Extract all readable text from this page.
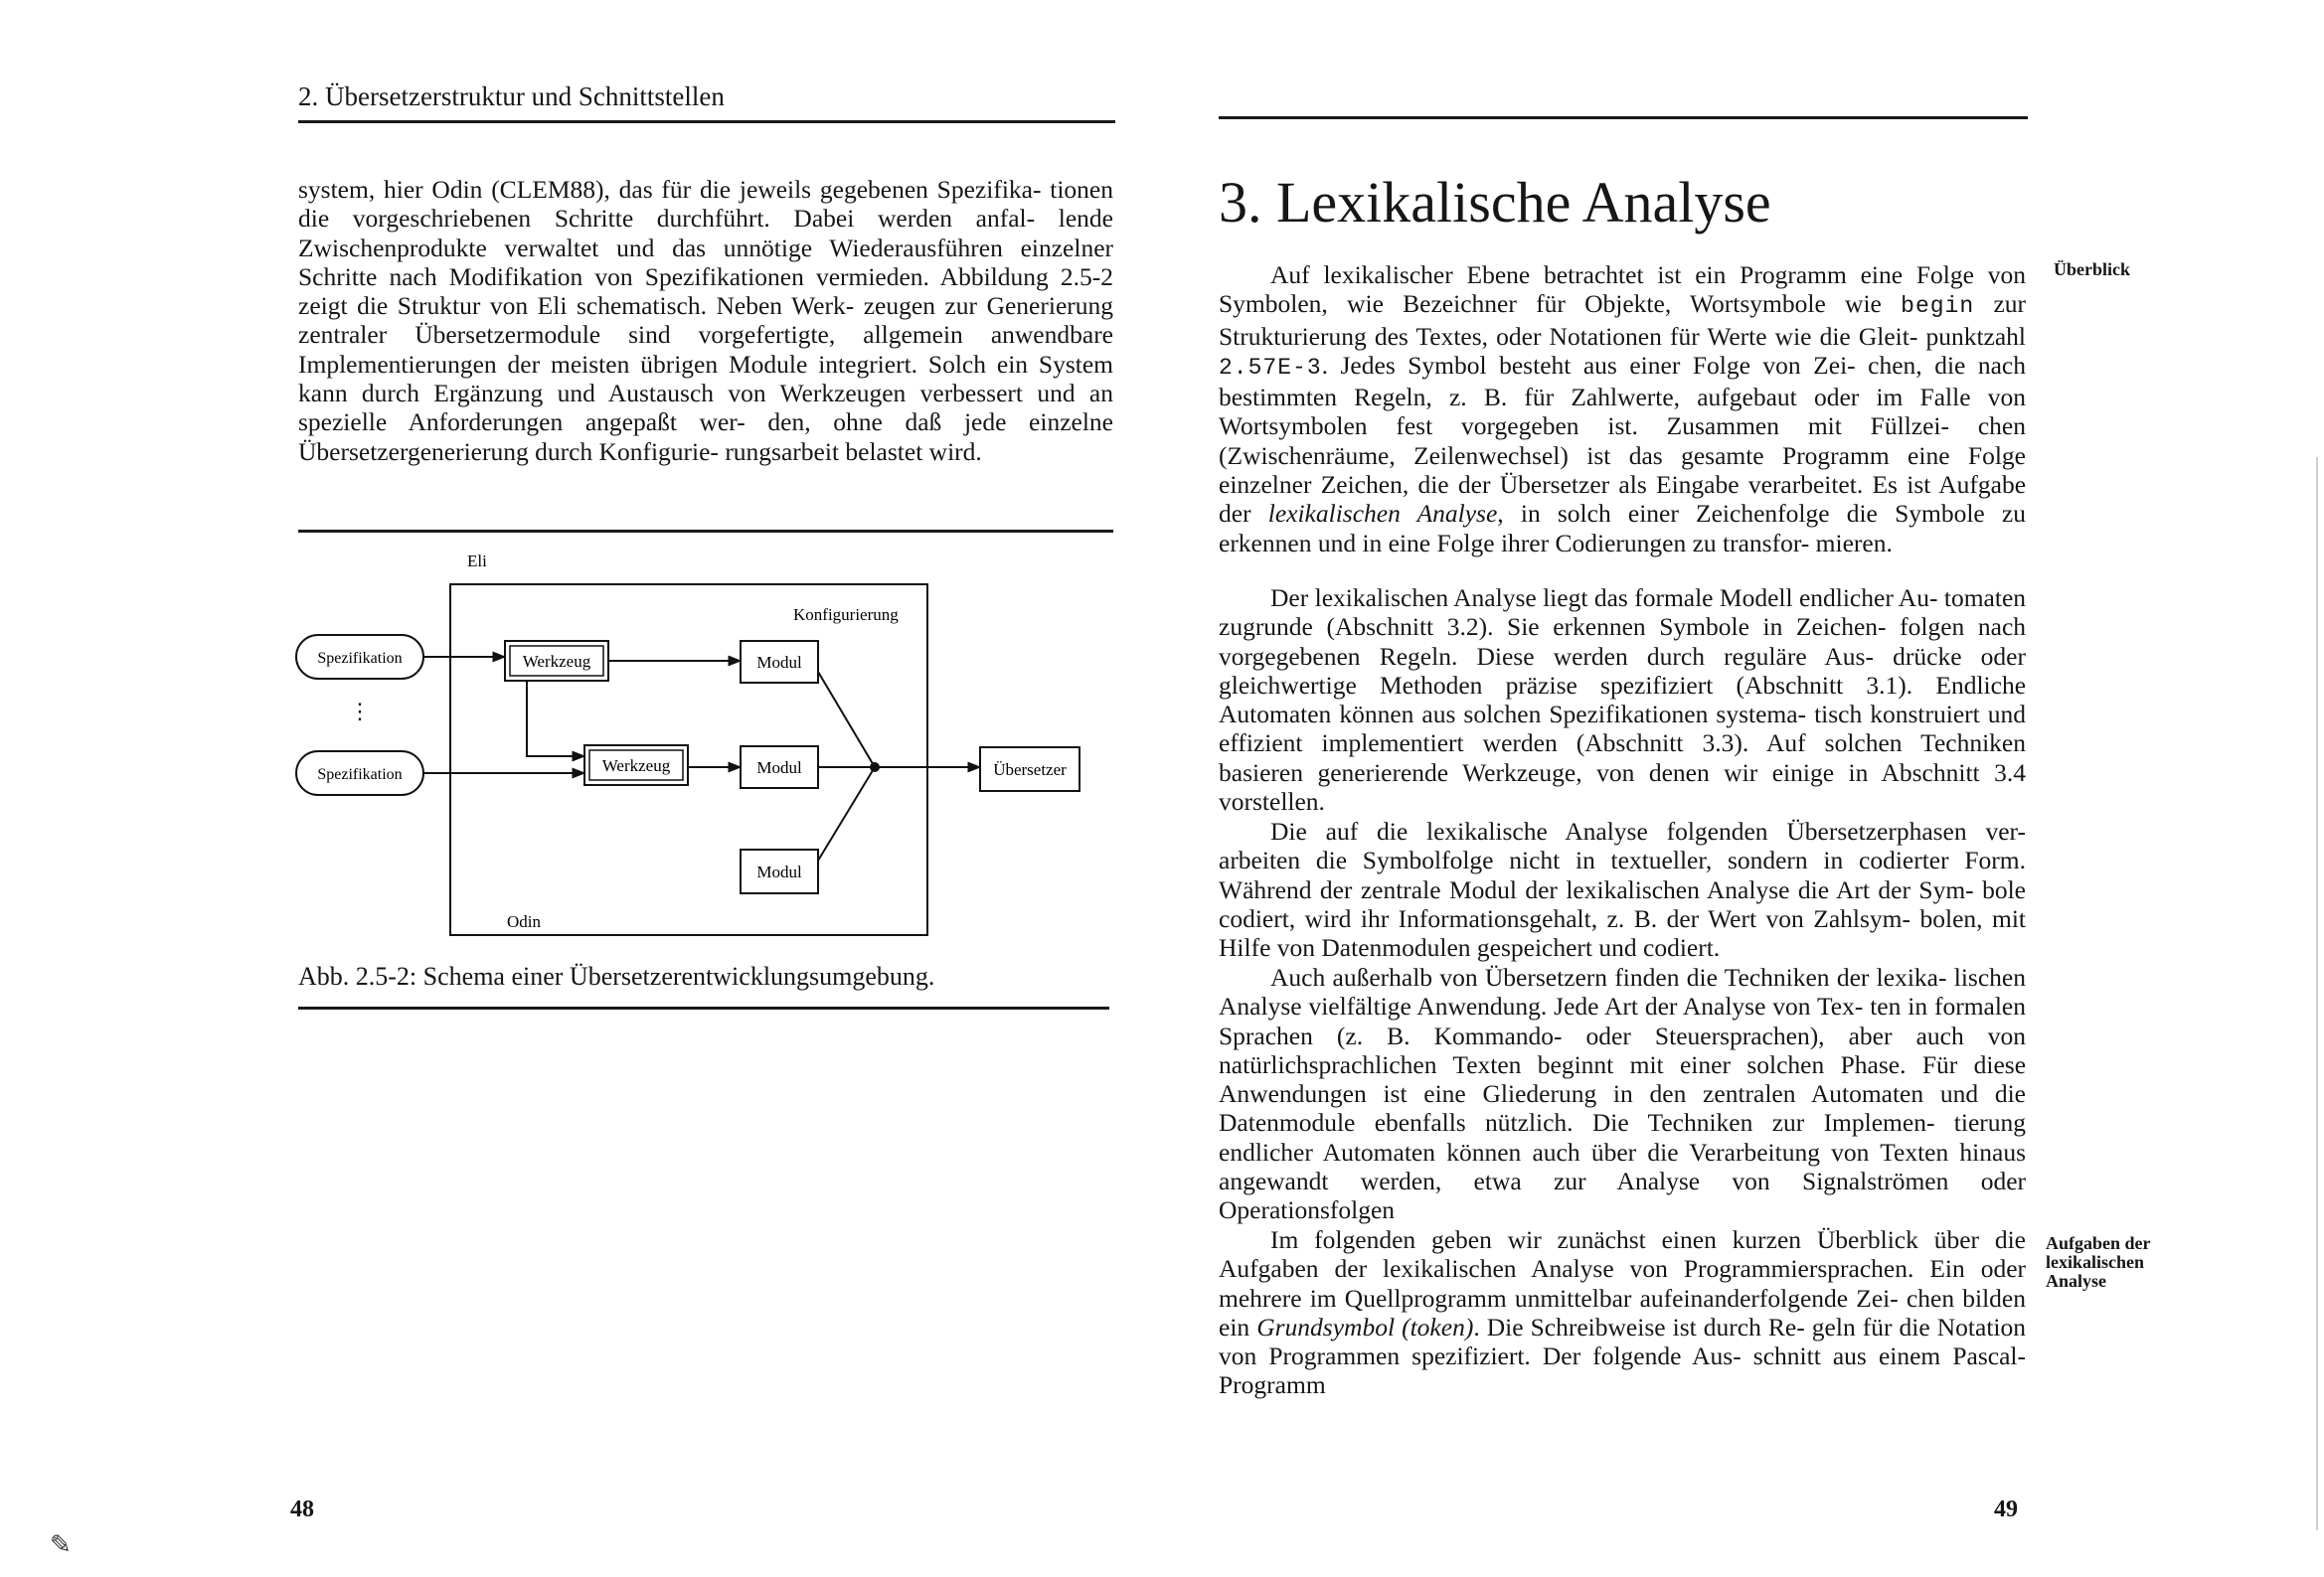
2. Übersetzerstruktur und Schnittstellen

system, hier Odin (CLEM88), das für die jeweils gegebenen Spezifika- tionen die vorgeschriebenen Schritte durchführt. Dabei werden anfal- lende Zwischenprodukte verwaltet und das unnötige Wiederausführen einzelner Schritte nach Modifikation von Spezifikationen vermieden. Abbildung 2.5-2 zeigt die Struktur von Eli schematisch. Neben Werk- zeugen zur Generierung zentraler Übersetzermodule sind vorgefertigte, allgemein anwendbare Implementierungen der meisten übrigen Module integriert. Solch ein System kann durch Ergänzung und Austausch von Werkzeugen verbessert und an spezielle Anforderungen angepaßt wer- den, ohne daß jede einzelne Übersetzergenerierung durch Konfigurie- rungsarbeit belastet wird.

Eli
Konfigurierung
Odin
Spezifikation
⋮
Spezifikation
Werkzeug
Werkzeug
Modul
Modul
Modul
Übersetzer
Abb. 2.5-2: Schema einer Übersetzerentwicklungsumgebung.
48
3. Lexikalische Analyse

Auf lexikalischer Ebene betrachtet ist ein Programm eine Folge von Symbolen, wie Bezeichner für Objekte, Wortsymbole wie begin zur Strukturierung des Textes, oder Notationen für Werte wie die Gleit- punktzahl 2.57E-3. Jedes Symbol besteht aus einer Folge von Zei- chen, die nach bestimmten Regeln, z. B. für Zahlwerte, aufgebaut oder im Falle von Wortsymbolen fest vorgegeben ist. Zusammen mit Füllzei- chen (Zwischenräume, Zeilenwechsel) ist das gesamte Programm eine Folge einzelner Zeichen, die der Übersetzer als Eingabe verarbeitet. Es ist Aufgabe der lexikalischen Analyse, in solch einer Zeichenfolge die Symbole zu erkennen und in eine Folge ihrer Codierungen zu transfor- mieren.

Der lexikalischen Analyse liegt das formale Modell endlicher Au- tomaten zugrunde (Abschnitt 3.2). Sie erkennen Symbole in Zeichen- folgen nach vorgegebenen Regeln. Diese werden durch reguläre Aus- drücke oder gleichwertige Methoden präzise spezifiziert (Abschnitt 3.1). Endliche Automaten können aus solchen Spezifikationen systema- tisch konstruiert und effizient implementiert werden (Abschnitt 3.3). Auf solchen Techniken basieren generierende Werkzeuge, von denen wir einige in Abschnitt 3.4 vorstellen.

Die auf die lexikalische Analyse folgenden Übersetzerphasen ver- arbeiten die Symbolfolge nicht in textueller, sondern in codierter Form. Während der zentrale Modul der lexikalischen Analyse die Art der Sym- bole codiert, wird ihr Informationsgehalt, z. B. der Wert von Zahlsym- bolen, mit Hilfe von Datenmodulen gespeichert und codiert.

Auch außerhalb von Übersetzern finden die Techniken der lexika- lischen Analyse vielfältige Anwendung. Jede Art der Analyse von Tex- ten in formalen Sprachen (z. B. Kommando- oder Steuersprachen), aber auch von natürlichsprachlichen Texten beginnt mit einer solchen Phase. Für diese Anwendungen ist eine Gliederung in den zentralen Automaten und die Datenmodule ebenfalls nützlich. Die Techniken zur Implemen- tierung endlicher Automaten können auch über die Verarbeitung von Texten hinaus angewandt werden, etwa zur Analyse von Signalströmen oder Operationsfolgen

Im folgenden geben wir zunächst einen kurzen Überblick über die Aufgaben der lexikalischen Analyse von Programmiersprachen. Ein oder mehrere im Quellprogramm unmittelbar aufeinanderfolgende Zei- chen bilden ein Grundsymbol (token). Die Schreibweise ist durch Re- geln für die Notation von Programmen spezifiziert. Der folgende Aus- schnitt aus einem Pascal-Programm

Überblick
Aufgaben der
lexikalischen
Analyse
49
✎
